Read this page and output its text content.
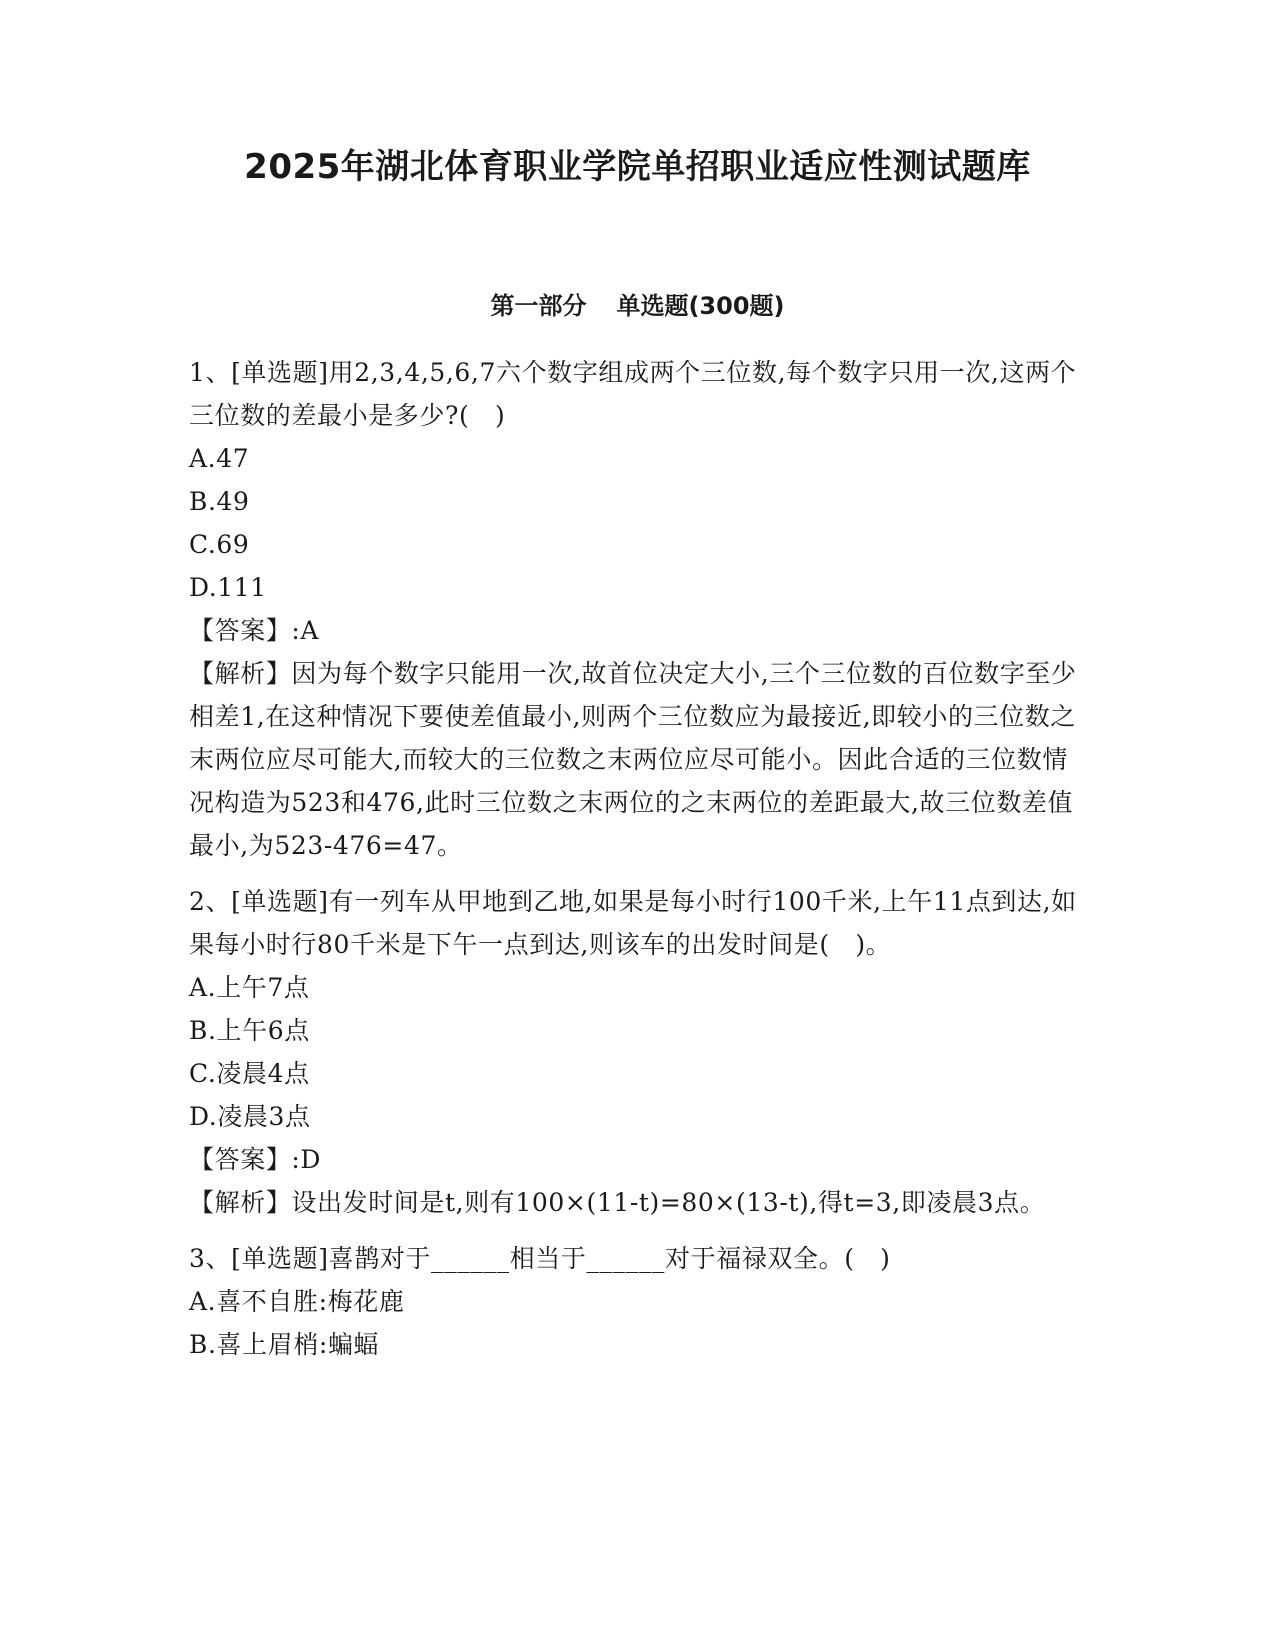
2025年湖北体育职业学院单招职业适应性测试题库
第一部分 单选题(300题)

1、[单选题]用2,3,4,5,6,7六个数字组成两个三位数,每个数字只用一次,这两个三位数的差最小是多少?(　)

A.47

B.49

C.69

D.111

【答案】:A

【解析】因为每个数字只能用一次,故首位决定大小,三个三位数的百位数字至少相差1,在这种情况下要使差值最小,则两个三位数应为最接近,即较小的三位数之末两位应尽可能大,而较大的三位数之末两位应尽可能小。因此合适的三位数情况构造为523和476,此时三位数之末两位的之末两位的差距最大,故三位数差值最小,为523-476=47。

2、[单选题]有一列车从甲地到乙地,如果是每小时行100千米,上午11点到达,如果每小时行80千米是下午一点到达,则该车的出发时间是(　)。

A.上午7点

B.上午6点

C.凌晨4点

D.凌晨3点

【答案】:D

【解析】设出发时间是t,则有100×(11-t)=80×(13-t),得t=3,即凌晨3点。

3、[单选题]喜鹊对于______相当于______对于福禄双全。(　)

A.喜不自胜:梅花鹿

B.喜上眉梢:蝙蝠
